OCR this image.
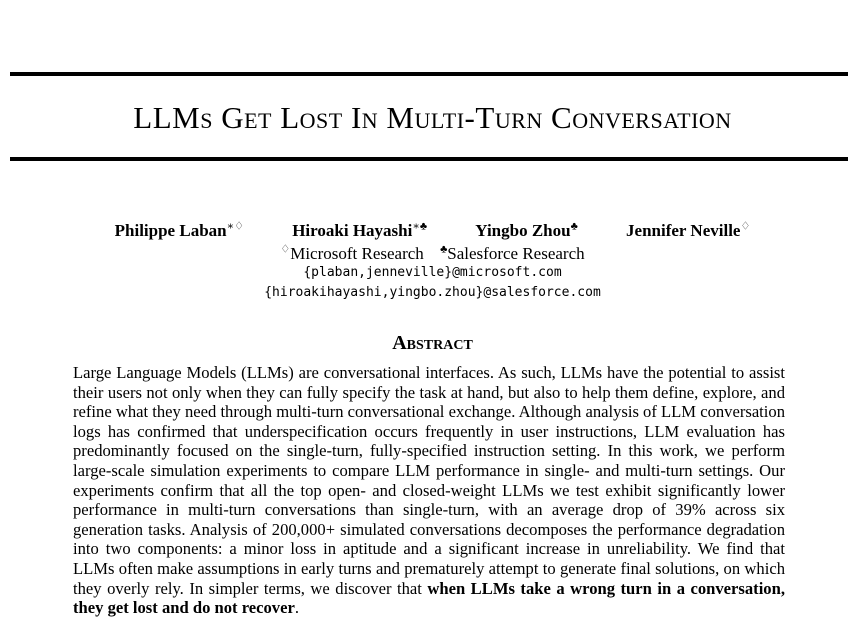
LLMs Get Lost In Multi-Turn Conversation
Philippe Laban∗♢	Hiroaki Hayashi∗♣	Yingbo Zhou♣	Jennifer Neville♢
♢Microsoft Research ♣Salesforce Research
{plaban,jenneville}@microsoft.com
{hiroakihayashi,yingbo.zhou}@salesforce.com
Abstract
Large Language Models (LLMs) are conversational interfaces. As such, LLMs have the potential to assist their users not only when they can fully specify the task at hand, but also to help them define, explore, and refine what they need through multi-turn conversational exchange. Although analysis of LLM conversation logs has confirmed that underspecification occurs frequently in user instructions, LLM evaluation has predominantly focused on the single-turn, fully-specified instruction setting. In this work, we perform large-scale simulation experiments to compare LLM performance in single- and multi-turn settings. Our experiments confirm that all the top open- and closed-weight LLMs we test exhibit significantly lower performance in multi-turn conversations than single-turn, with an average drop of 39% across six generation tasks. Analysis of 200,000+ simulated conversations decomposes the performance degradation into two components: a minor loss in aptitude and a significant increase in unreliability. We find that LLMs often make assumptions in early turns and prematurely attempt to generate final solutions, on which they overly rely. In simpler terms, we discover that when LLMs take a wrong turn in a conversation, they get lost and do not recover.
